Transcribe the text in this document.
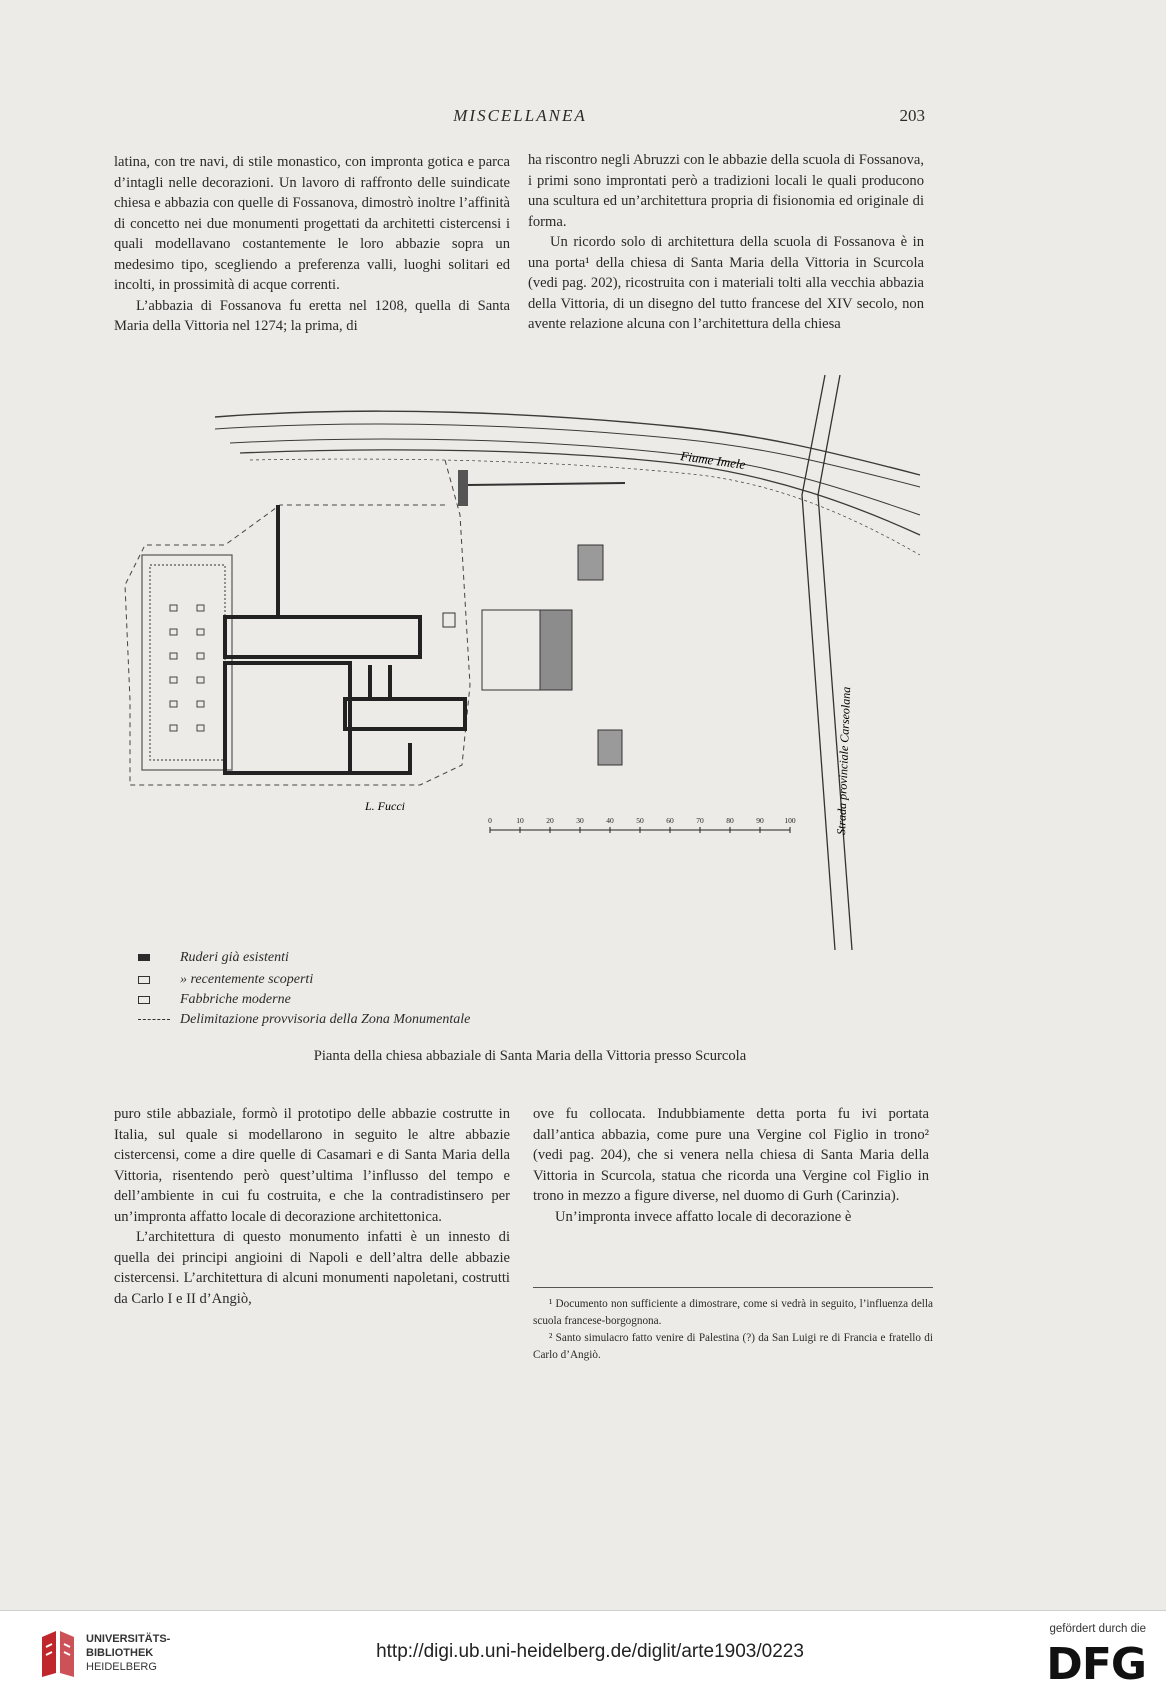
MISCELLANEA	203

latina, con tre navi, di stile monastico, con impronta gotica e parca d’intagli nelle decorazioni. Un lavoro di raffronto delle suindicate chiesa e abbazia con quelle di Fossanova, dimostrò inoltre l’affinità di concetto nei due monumenti progettati da architetti cistercensi i quali modellavano costantemente le loro abbazie sopra un medesimo tipo, scegliendo a preferenza valli, luoghi solitari ed incolti, in prossimità di acque correnti.

L’abbazia di Fossanova fu eretta nel 1208, quella di Santa Maria della Vittoria nel 1274; la prima, di

ha riscontro negli Abruzzi con le abbazie della scuola di Fossanova, i primi sono improntati però a tradizioni locali le quali producono una scultura ed un’architettura propria di fisionomia ed originale di forma.

Un ricordo solo di architettura della scuola di Fossanova è in una porta¹ della chiesa di Santa Maria della Vittoria in Scurcola (vedi pag. 202), ricostruita con i materiali tolti alla vecchia abbazia della Vittoria, di un disegno del tutto francese del XIV secolo, non avente relazione alcuna con l’architettura della chiesa

Fiume Imele
Strada provinciale Carseolana
L. Fucci
0	10	20	30	40	50	60	70	80	90	100
Ruderi già esistenti
» recentemente scoperti
Fabbriche moderne
Delimitazione provvisoria della Zona Monumentale
Pianta della chiesa abbaziale di Santa Maria della Vittoria presso Scurcola

puro stile abbaziale, formò il prototipo delle abbazie costrutte in Italia, sul quale si modellarono in seguito le altre abbazie cistercensi, come a dire quelle di Casamari e di Santa Maria della Vittoria, risentendo però quest’ultima l’influsso del tempo e dell’ambiente in cui fu costruita, e che la contradistinsero per un’impronta affatto locale di decorazione architettonica.

L’architettura di questo monumento infatti è un innesto di quella dei principi angioini di Napoli e dell’altra delle abbazie cistercensi. L’architettura di alcuni monumenti napoletani, costrutti da Carlo I e II d’Angiò,

ove fu collocata. Indubbiamente detta porta fu ivi portata dall’antica abbazia, come pure una Vergine col Figlio in trono² (vedi pag. 204), che si venera nella chiesa di Santa Maria della Vittoria in Scurcola, statua che ricorda una Vergine col Figlio in trono in mezzo a figure diverse, nel duomo di Gurh (Carinzia).

Un’impronta invece affatto locale di decorazione è

¹ Documento non sufficiente a dimostrare, come si vedrà in seguito, l’influenza della scuola francese-borgognona.

² Santo simulacro fatto venire di Palestina (?) da San Luigi re di Francia e fratello di Carlo d’Angiò.

UNIVERSITÄTS-
BIBLIOTHEK
HEIDELBERG
http://digi.ub.uni-heidelberg.de/diglit/arte1903/0223
gefördert durch die
DFG
